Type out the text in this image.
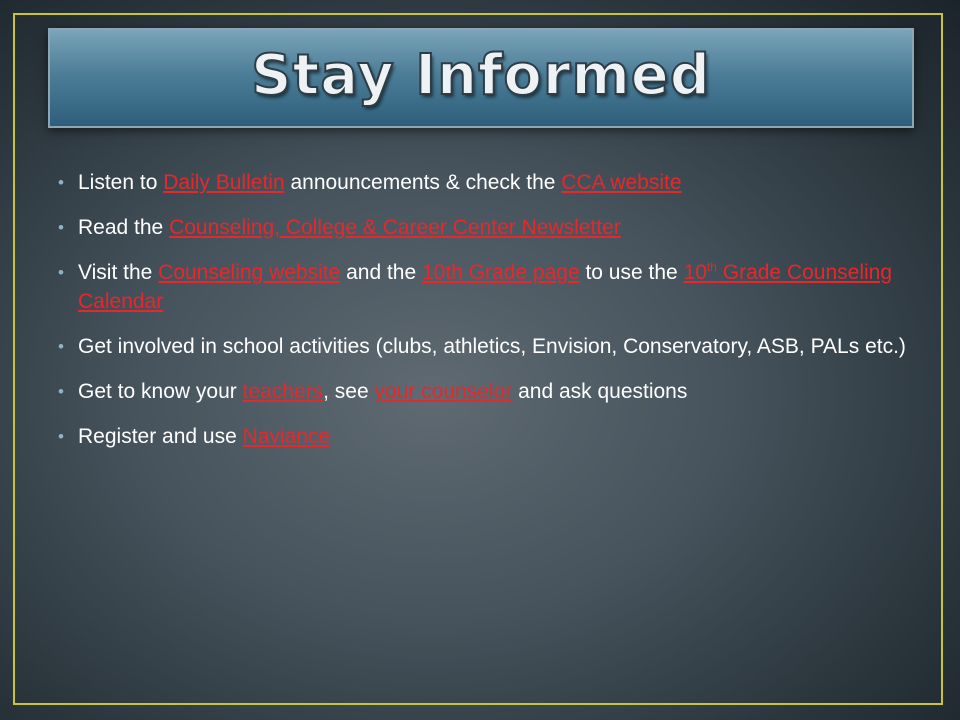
Stay Informed
• Listen to Daily Bulletin announcements & check the CCA website
• Read the Counseling, College & Career Center Newsletter
• Visit the Counseling website and the 10th Grade page to use the 10th Grade Counseling Calendar
• Get involved in school activities (clubs, athletics, Envision, Conservatory, ASB, PALs etc.)
• Get to know your teachers, see your counselor and ask questions
• Register and use Naviance
